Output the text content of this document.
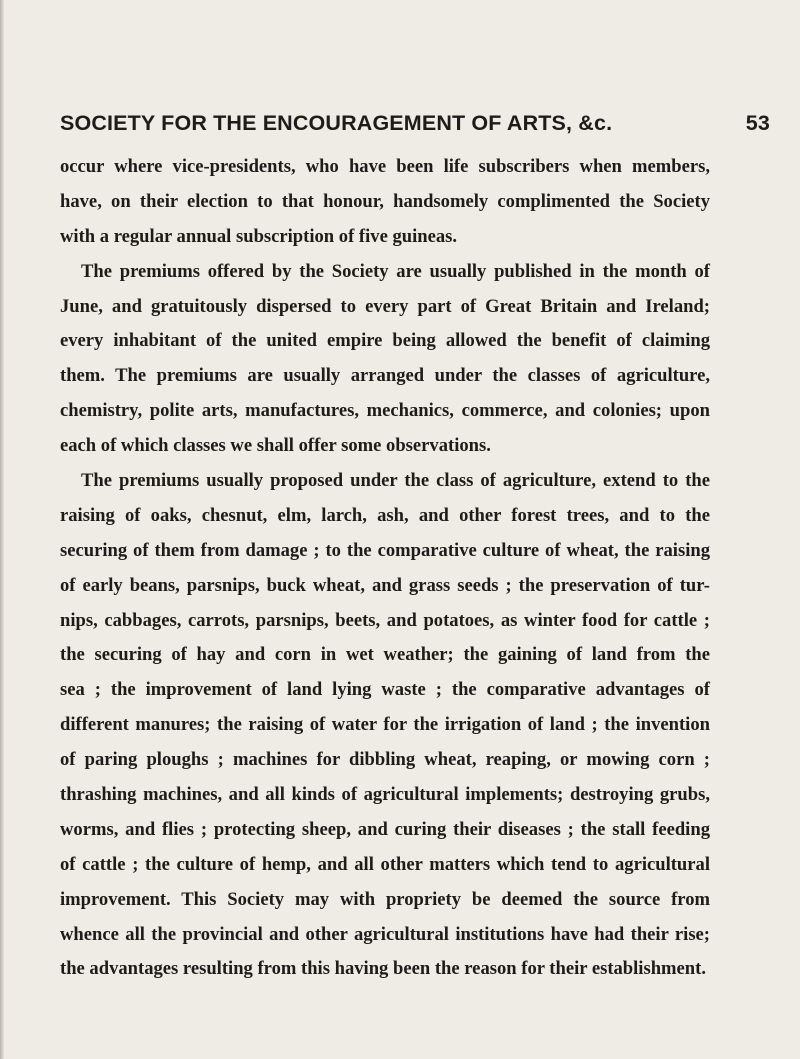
SOCIETY FOR THE ENCOURAGEMENT OF ARTS, &c.	53
occur where vice-presidents, who have been life subscribers when members,
have, on their election to that honour, handsomely complimented the Society
with a regular annual subscription of five guineas.
The premiums offered by the Society are usually published in the month of
June, and gratuitously dispersed to every part of Great Britain and Ireland;
every inhabitant of the united empire being allowed the benefit of claiming
them. The premiums are usually arranged under the classes of agriculture,
chemistry, polite arts, manufactures, mechanics, commerce, and colonies; upon
each of which classes we shall offer some observations.
The premiums usually proposed under the class of agriculture, extend to the
raising of oaks, chesnut, elm, larch, ash, and other forest trees, and to the
securing of them from damage ; to the comparative culture of wheat, the raising
of early beans, parsnips, buck wheat, and grass seeds ; the preservation of tur-
nips, cabbages, carrots, parsnips, beets, and potatoes, as winter food for cattle ;
the securing of hay and corn in wet weather; the gaining of land from the
sea ; the improvement of land lying waste ; the comparative advantages of
different manures; the raising of water for the irrigation of land ; the invention
of paring ploughs ; machines for dibbling wheat, reaping, or mowing corn ;
thrashing machines, and all kinds of agricultural implements; destroying grubs,
worms, and flies ; protecting sheep, and curing their diseases ; the stall feeding
of cattle ; the culture of hemp, and all other matters which tend to agricultural
improvement. This Society may with propriety be deemed the source from
whence all the provincial and other agricultural institutions have had their rise;
the advantages resulting from this having been the reason for their establishment.
